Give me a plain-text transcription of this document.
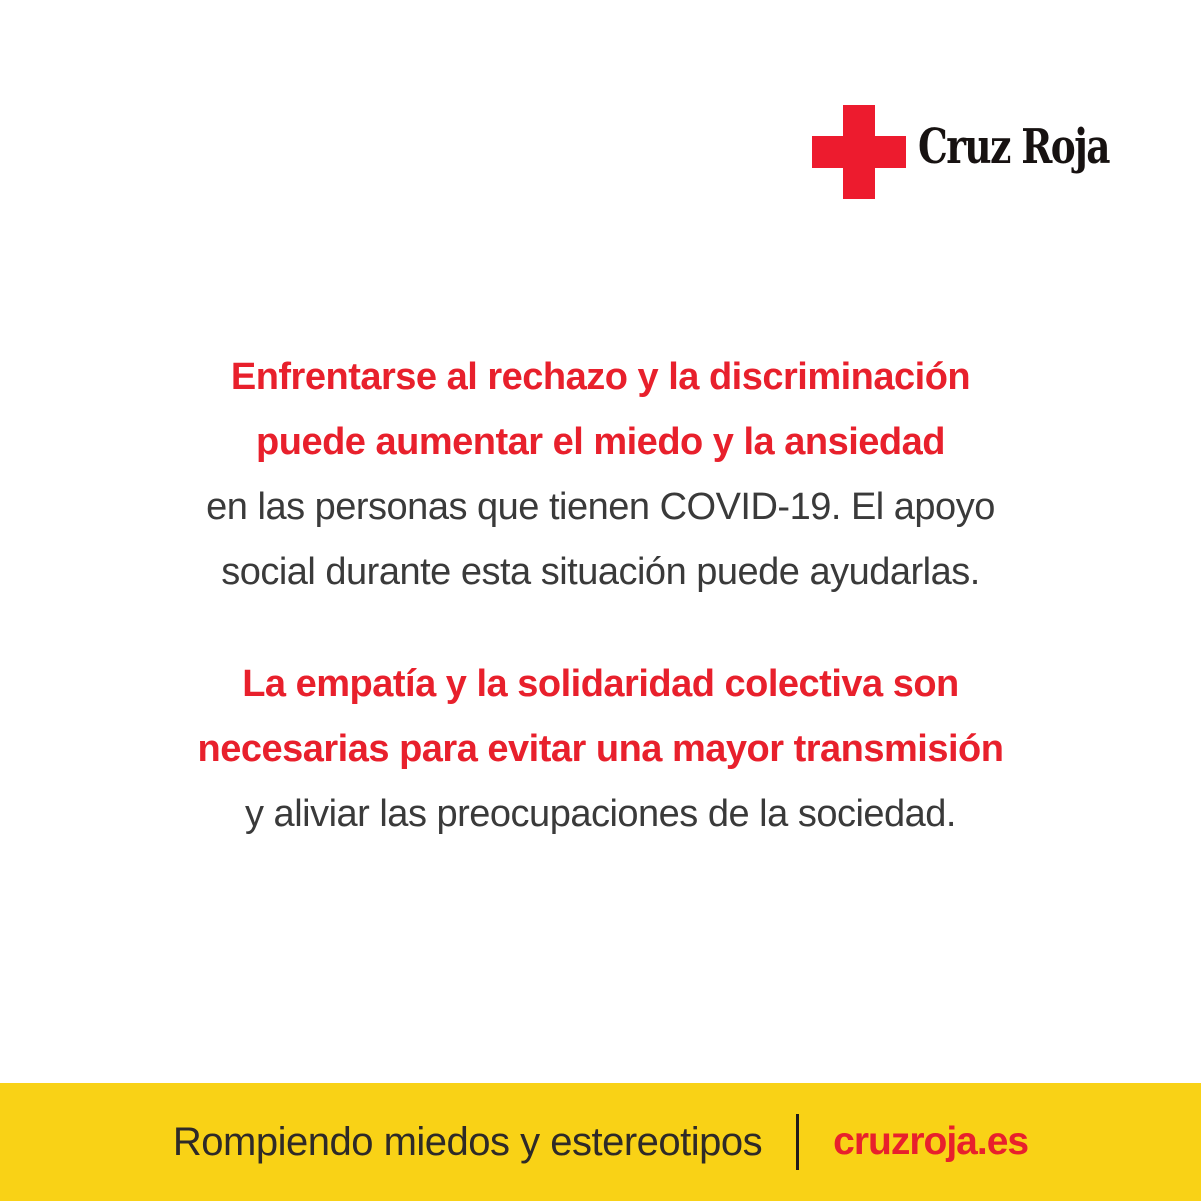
Cruz Roja

Enfrentarse al rechazo y la discriminación

puede aumentar el miedo y la ansiedad

en las personas que tienen COVID-19. El apoyo

social durante esta situación puede ayudarlas.

La empatía y la solidaridad colectiva son

necesarias para evitar una mayor transmisión

y aliviar las preocupaciones de la sociedad.

Rompiendo miedos y estereotipos cruzroja.es
